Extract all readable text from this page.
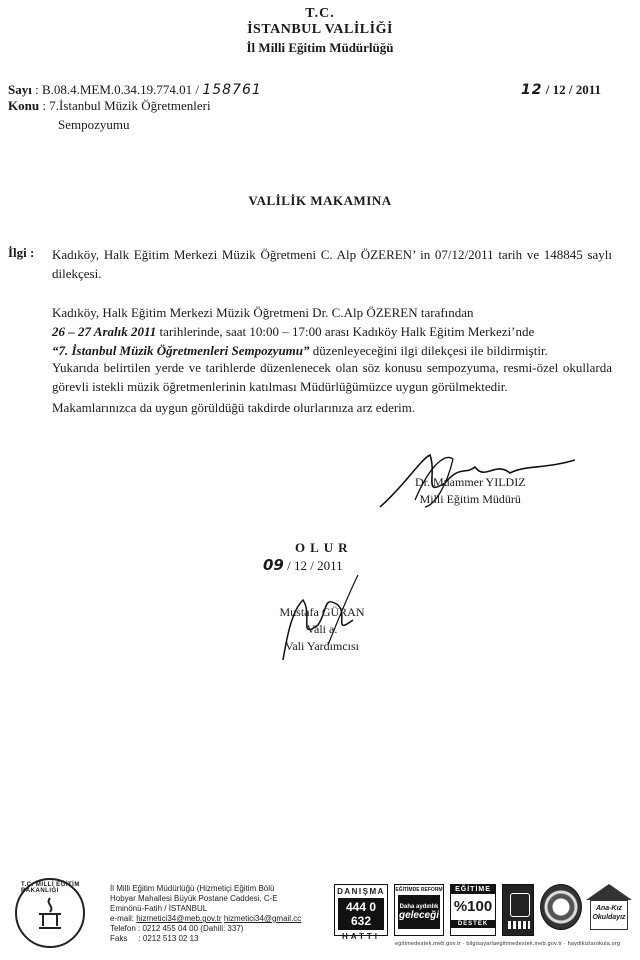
T.C.
İSTANBUL VALİLİĞİ
İl Milli Eğitim Müdürlüğü
Sayı : B.08.4.MEM.0.34.19.774.01 / 158761	12 / 12 / 2011
Konu : 7.İstanbul Müzik Öğretmenleri
Sempozyumu
VALİLİK MAKAMINA
İlgi : Kadıköy, Halk Eğitim Merkezi Müzik Öğretmeni C. Alp ÖZEREN’ in 07/12/2011 tarih ve 148845 saylı dilekçesi.
Kadıköy, Halk Eğitim Merkezi Müzik Öğretmeni Dr. C.Alp ÖZEREN tarafından
26 – 27 Aralık 2011 tarihlerinde, saat 10:00 – 17:00 arası Kadıköy Halk Eğitim Merkezi’nde
“7. İstanbul Müzik Öğretmenleri Sempozyumu” düzenleyeceğini ilgi dilekçesi ile bildirmiştir.
Yukarıda belirtilen yerde ve tarihlerde düzenlenecek olan söz konusu sempozyuma, resmi-özel okullarda görevli istekli müzik öğretmenlerinin katılması Müdürlüğümüzce uygun görülmektedir.
Makamlarınızca da uygun görüldüğü takdirde olurlarınıza arz ederim.
Dr. Muammer YILDIZ
Milli Eğitim Müdürü
OLUR
09 / 12 / 2011
Mustafa GÜRAN
Vali a.
Vali Yardımcısı
T.C. MİLLİ EĞİTİM BAKANLIĞI	İl Milli Eğitim Müdürlüğü (Hizmetiçi Eğitim Bölü
Hobyar Mahallesi Büyük Postane Caddesi, C-E
Eminönü-Fatih / İSTANBUL
e-mail: hizmetici34@meb.gov.tr hizmetici34@gmail.cc
Telefon : 0212 455 04 00 (Dahili: 337)
Faks     : 0212 513 02 13
DANIŞMA
444 0 632
HATTI
EĞİTİMDE REFORM
Daha aydınlık
geleceği
EĞİTİME
%100
DESTEK
Ana-Kız Okuldayız
egitimedestek.meb.gov.tr · bilgisayarlaegitimedestek.meb.gov.tr · haydikizlarokula.org
